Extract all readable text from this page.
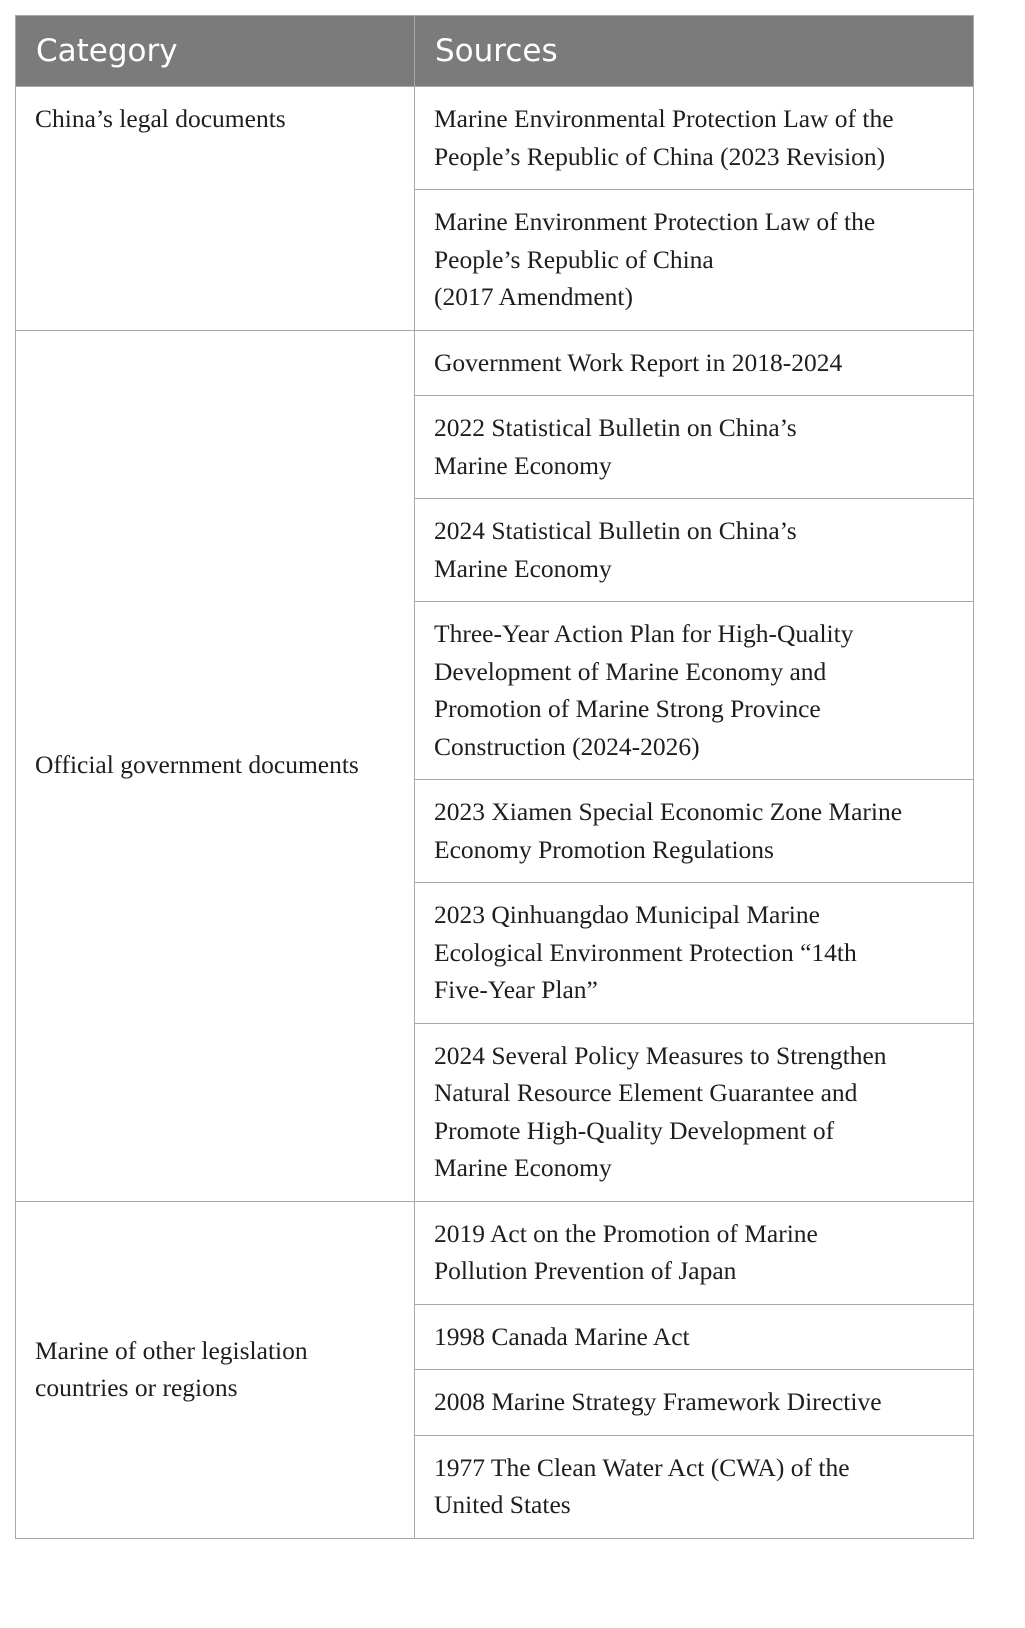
Category	Sources
China’s legal documents	Marine Environmental Protection Law of the
People’s Republic of China (2023 Revision)
	Marine Environment Protection Law of the
People’s Republic of China
(2017 Amendment)
Official government documents	Government Work Report in 2018-2024
	2022 Statistical Bulletin on China’s
Marine Economy
	2024 Statistical Bulletin on China’s
Marine Economy
	Three-Year Action Plan for High-Quality
Development of Marine Economy and
Promotion of Marine Strong Province
Construction (2024-2026)
	2023 Xiamen Special Economic Zone Marine
Economy Promotion Regulations
	2023 Qinhuangdao Municipal Marine
Ecological Environment Protection “14th
Five-Year Plan”
	2024 Several Policy Measures to Strengthen
Natural Resource Element Guarantee and
Promote High-Quality Development of
Marine Economy
Marine of other legislation
countries or regions	2019 Act on the Promotion of Marine
Pollution Prevention of Japan
	1998 Canada Marine Act
	2008 Marine Strategy Framework Directive
	1977 The Clean Water Act (CWA) of the
United States
